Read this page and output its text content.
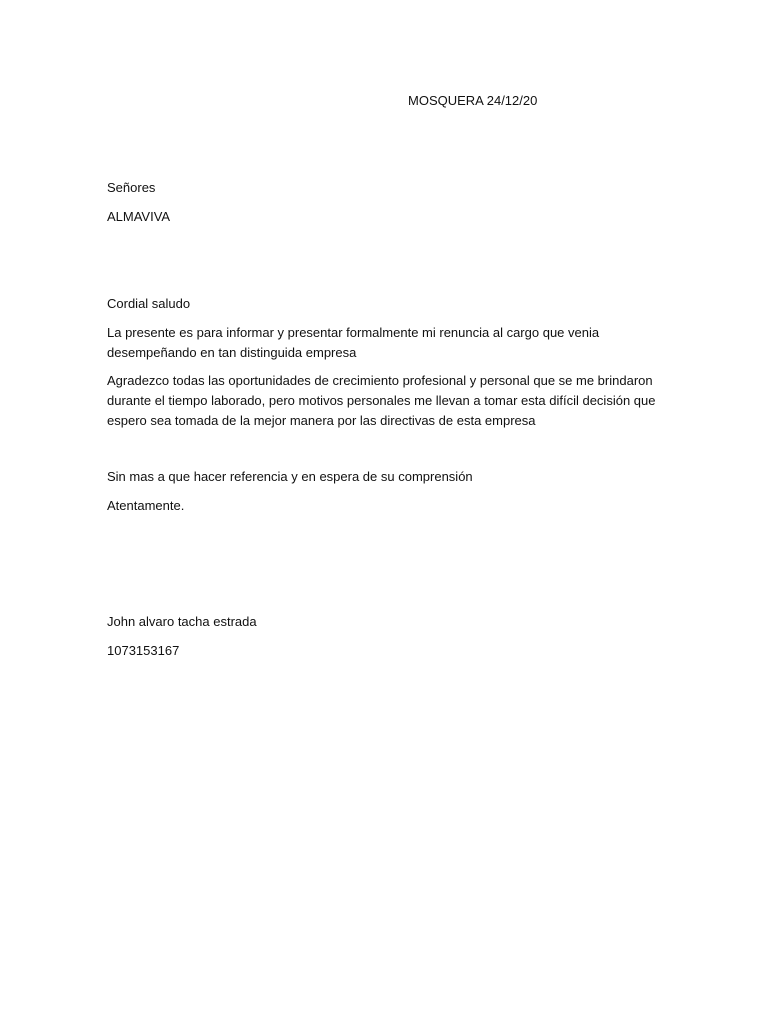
MOSQUERA 24/12/20
Señores
ALMAVIVA
Cordial saludo
La presente es para informar y presentar formalmente mi renuncia al cargo que venia desempeñando en tan distinguida empresa
Agradezco todas las oportunidades de crecimiento profesional y personal que se me brindaron durante el tiempo laborado, pero motivos personales me llevan a tomar esta difícil decisión que espero sea tomada de la mejor manera por las directivas de esta empresa
Sin mas a que hacer referencia y en espera de su comprensión
Atentamente.
John alvaro tacha estrada
1073153167
